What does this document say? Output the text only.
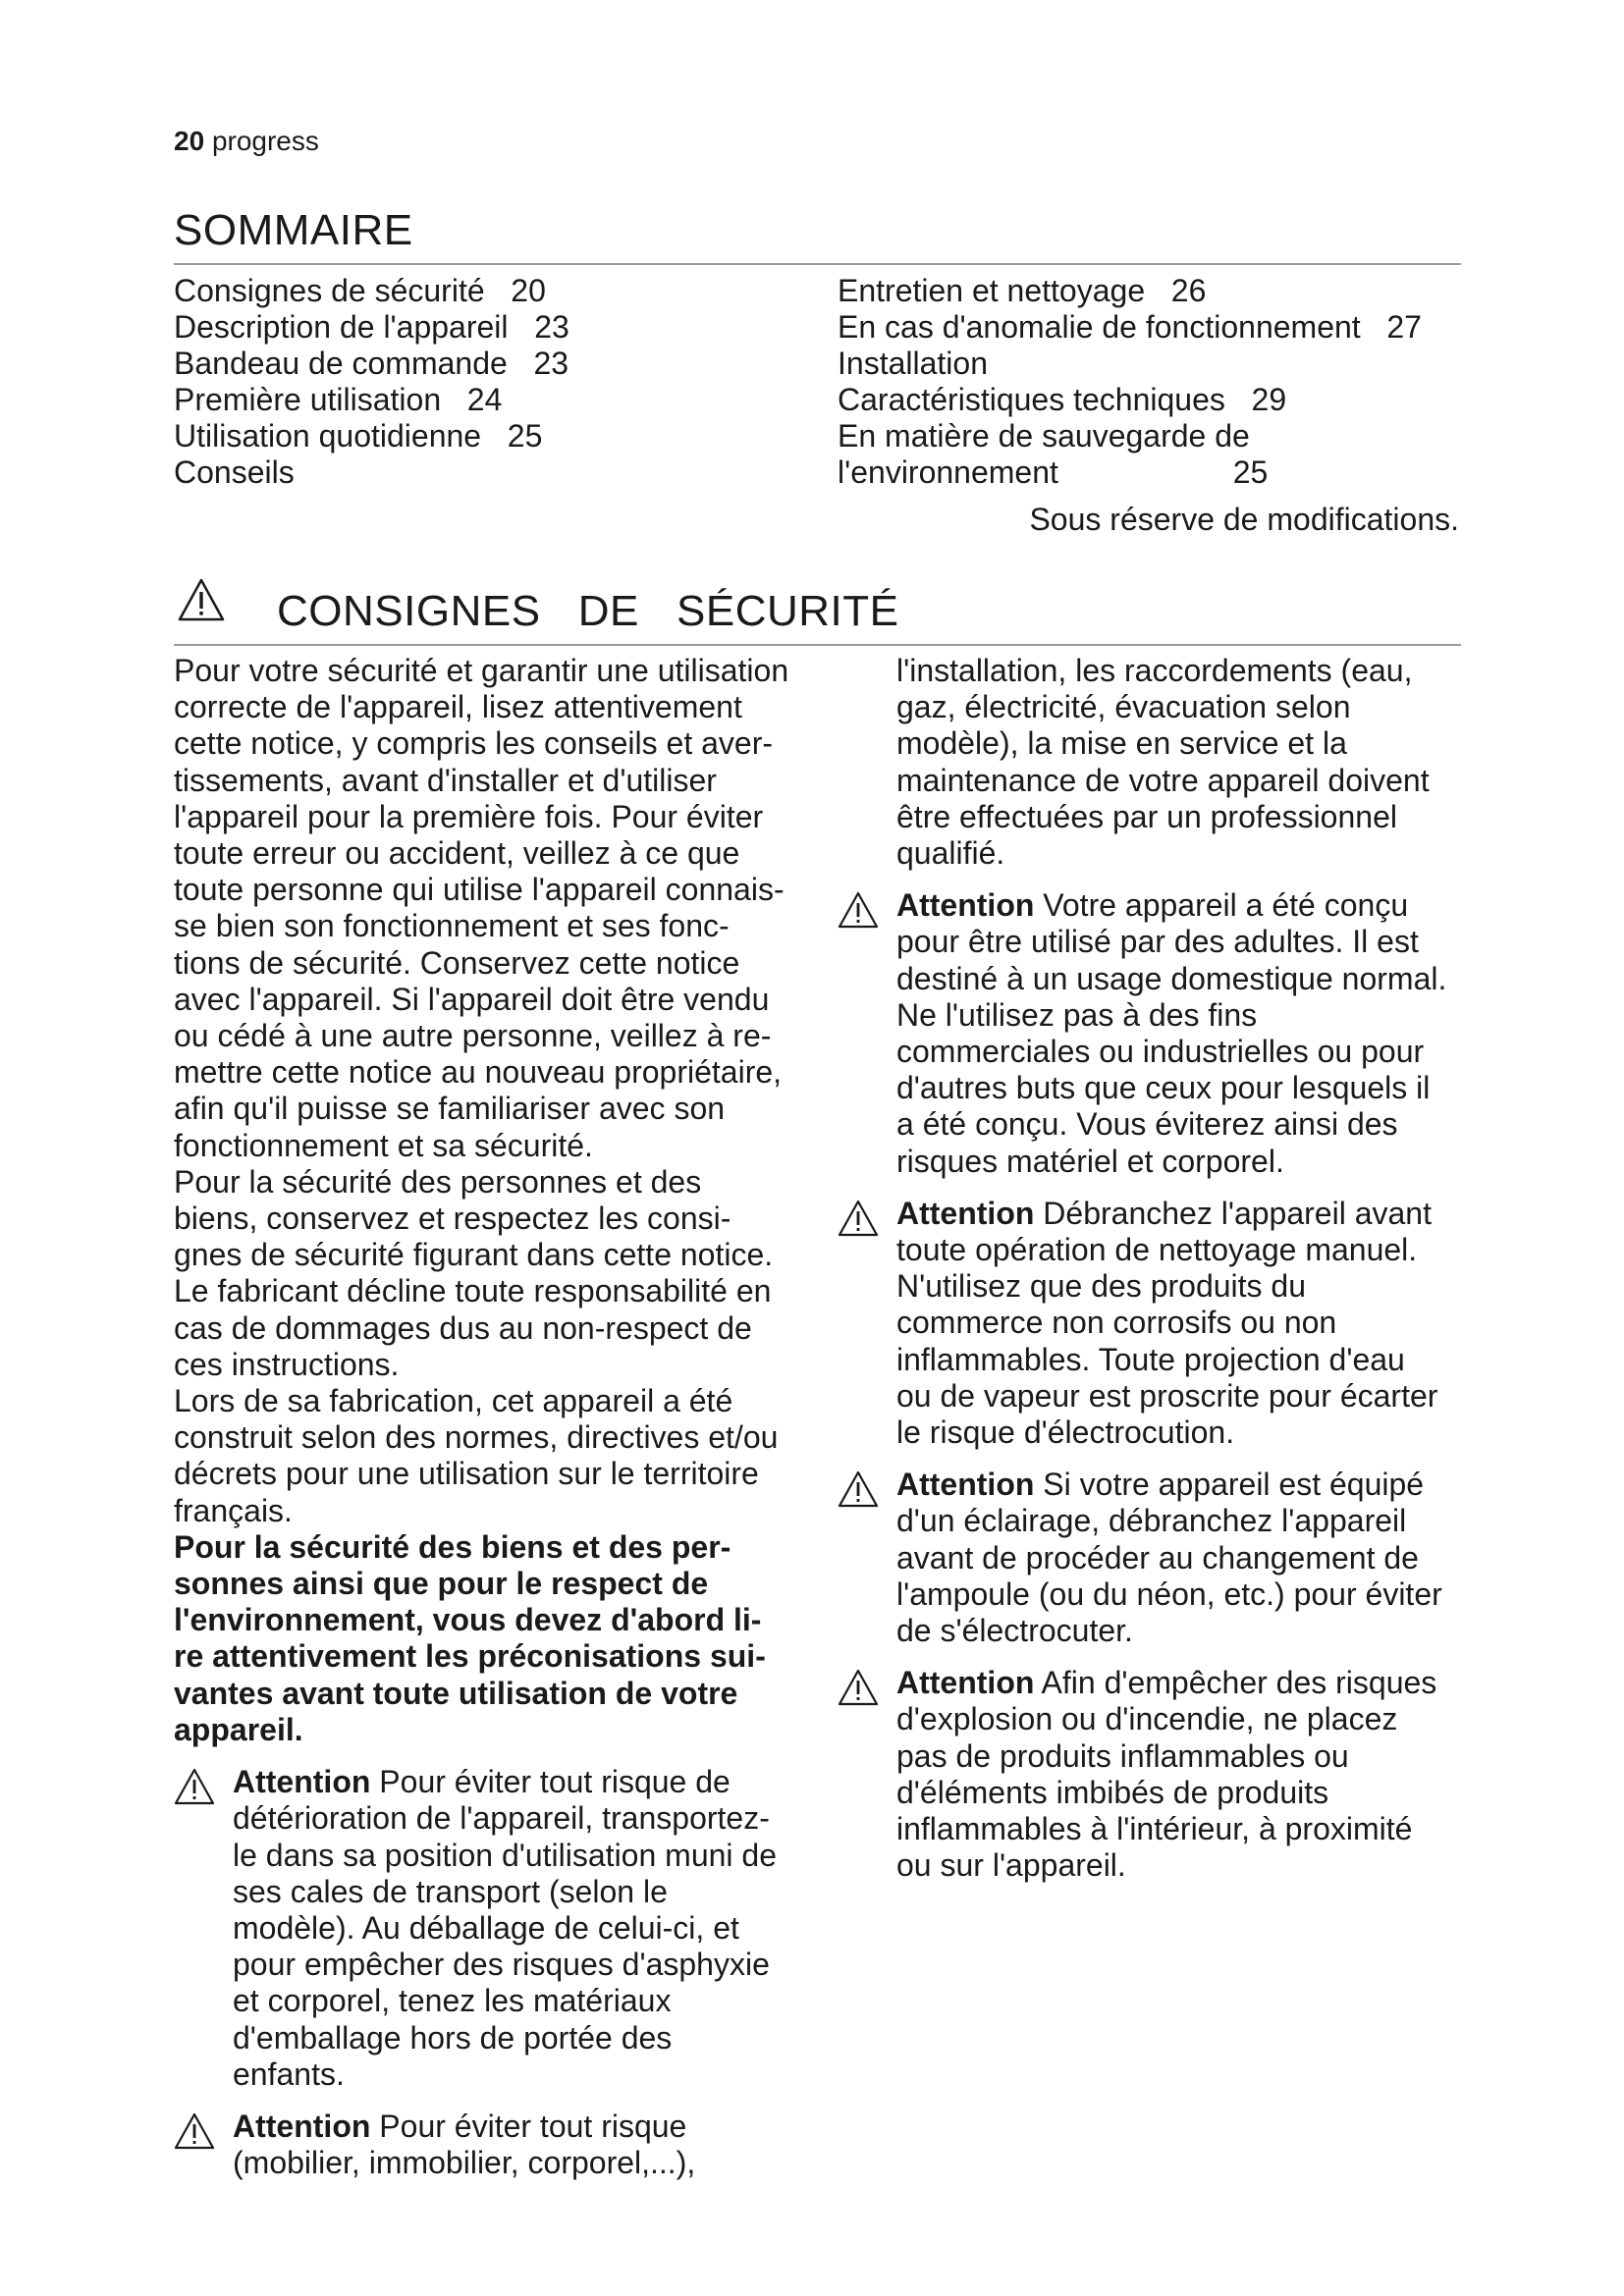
20 progress
SOMMAIRE
Consignes de sécurité   20
Description de l'appareil   23
Bandeau de commande   23
Première utilisation   24
Utilisation quotidienne   25
Conseils
Entretien et nettoyage   26
En cas d'anomalie de fonctionnement   27
Installation
Caractéristiques techniques   29
En matière de sauvegarde de
l'environnement                    25
Sous réserve de modifications.
CONSIGNES   DE   SÉCURITÉ
Pour votre sécurité et garantir une utilisation
correcte de l'appareil, lisez attentivement
cette notice, y compris les conseils et aver-
tissements, avant d'installer et d'utiliser
l'appareil pour la première fois. Pour éviter
toute erreur ou accident, veillez à ce que
toute personne qui utilise l'appareil connais-
se bien son fonctionnement et ses fonc-
tions de sécurité. Conservez cette notice
avec l'appareil. Si l'appareil doit être vendu
ou cédé à une autre personne, veillez à re-
mettre cette notice au nouveau propriétaire,
afin qu'il puisse se familiariser avec son
fonctionnement et sa sécurité.
Pour la sécurité des personnes et des
biens, conservez et respectez les consi-
gnes de sécurité figurant dans cette notice.
Le fabricant décline toute responsabilité en
cas de dommages dus au non-respect de
ces instructions.
Lors de sa fabrication, cet appareil a été
construit selon des normes, directives et/ou
décrets pour une utilisation sur le territoire
français.
Pour la sécurité des biens et des per-
sonnes ainsi que pour le respect de
l'environnement, vous devez d'abord li-
re attentivement les préconisations sui-
vantes avant toute utilisation de votre
appareil.
Attention Pour éviter tout risque de
détérioration de l'appareil, transportez-
le dans sa position d'utilisation muni de
ses cales de transport (selon le
modèle). Au déballage de celui-ci, et
pour empêcher des risques d'asphyxie
et corporel, tenez les matériaux
d'emballage hors de portée des
enfants.
Attention Pour éviter tout risque
(mobilier, immobilier, corporel,...),
l'installation, les raccordements (eau,
gaz, électricité, évacuation selon
modèle), la mise en service et la
maintenance de votre appareil doivent
être effectuées par un professionnel
qualifié.
Attention Votre appareil a été conçu
pour être utilisé par des adultes. Il est
destiné à un usage domestique normal.
Ne l'utilisez pas à des fins
commerciales ou industrielles ou pour
d'autres buts que ceux pour lesquels il
a été conçu. Vous éviterez ainsi des
risques matériel et corporel.
Attention Débranchez l'appareil avant
toute opération de nettoyage manuel.
N'utilisez que des produits du
commerce non corrosifs ou non
inflammables. Toute projection d'eau
ou de vapeur est proscrite pour écarter
le risque d'électrocution.
Attention Si votre appareil est équipé
d'un éclairage, débranchez l'appareil
avant de procéder au changement de
l'ampoule (ou du néon, etc.) pour éviter
de s'électrocuter.
Attention Afin d'empêcher des risques
d'explosion ou d'incendie, ne placez
pas de produits inflammables ou
d'éléments imbibés de produits
inflammables à l'intérieur, à proximité
ou sur l'appareil.
